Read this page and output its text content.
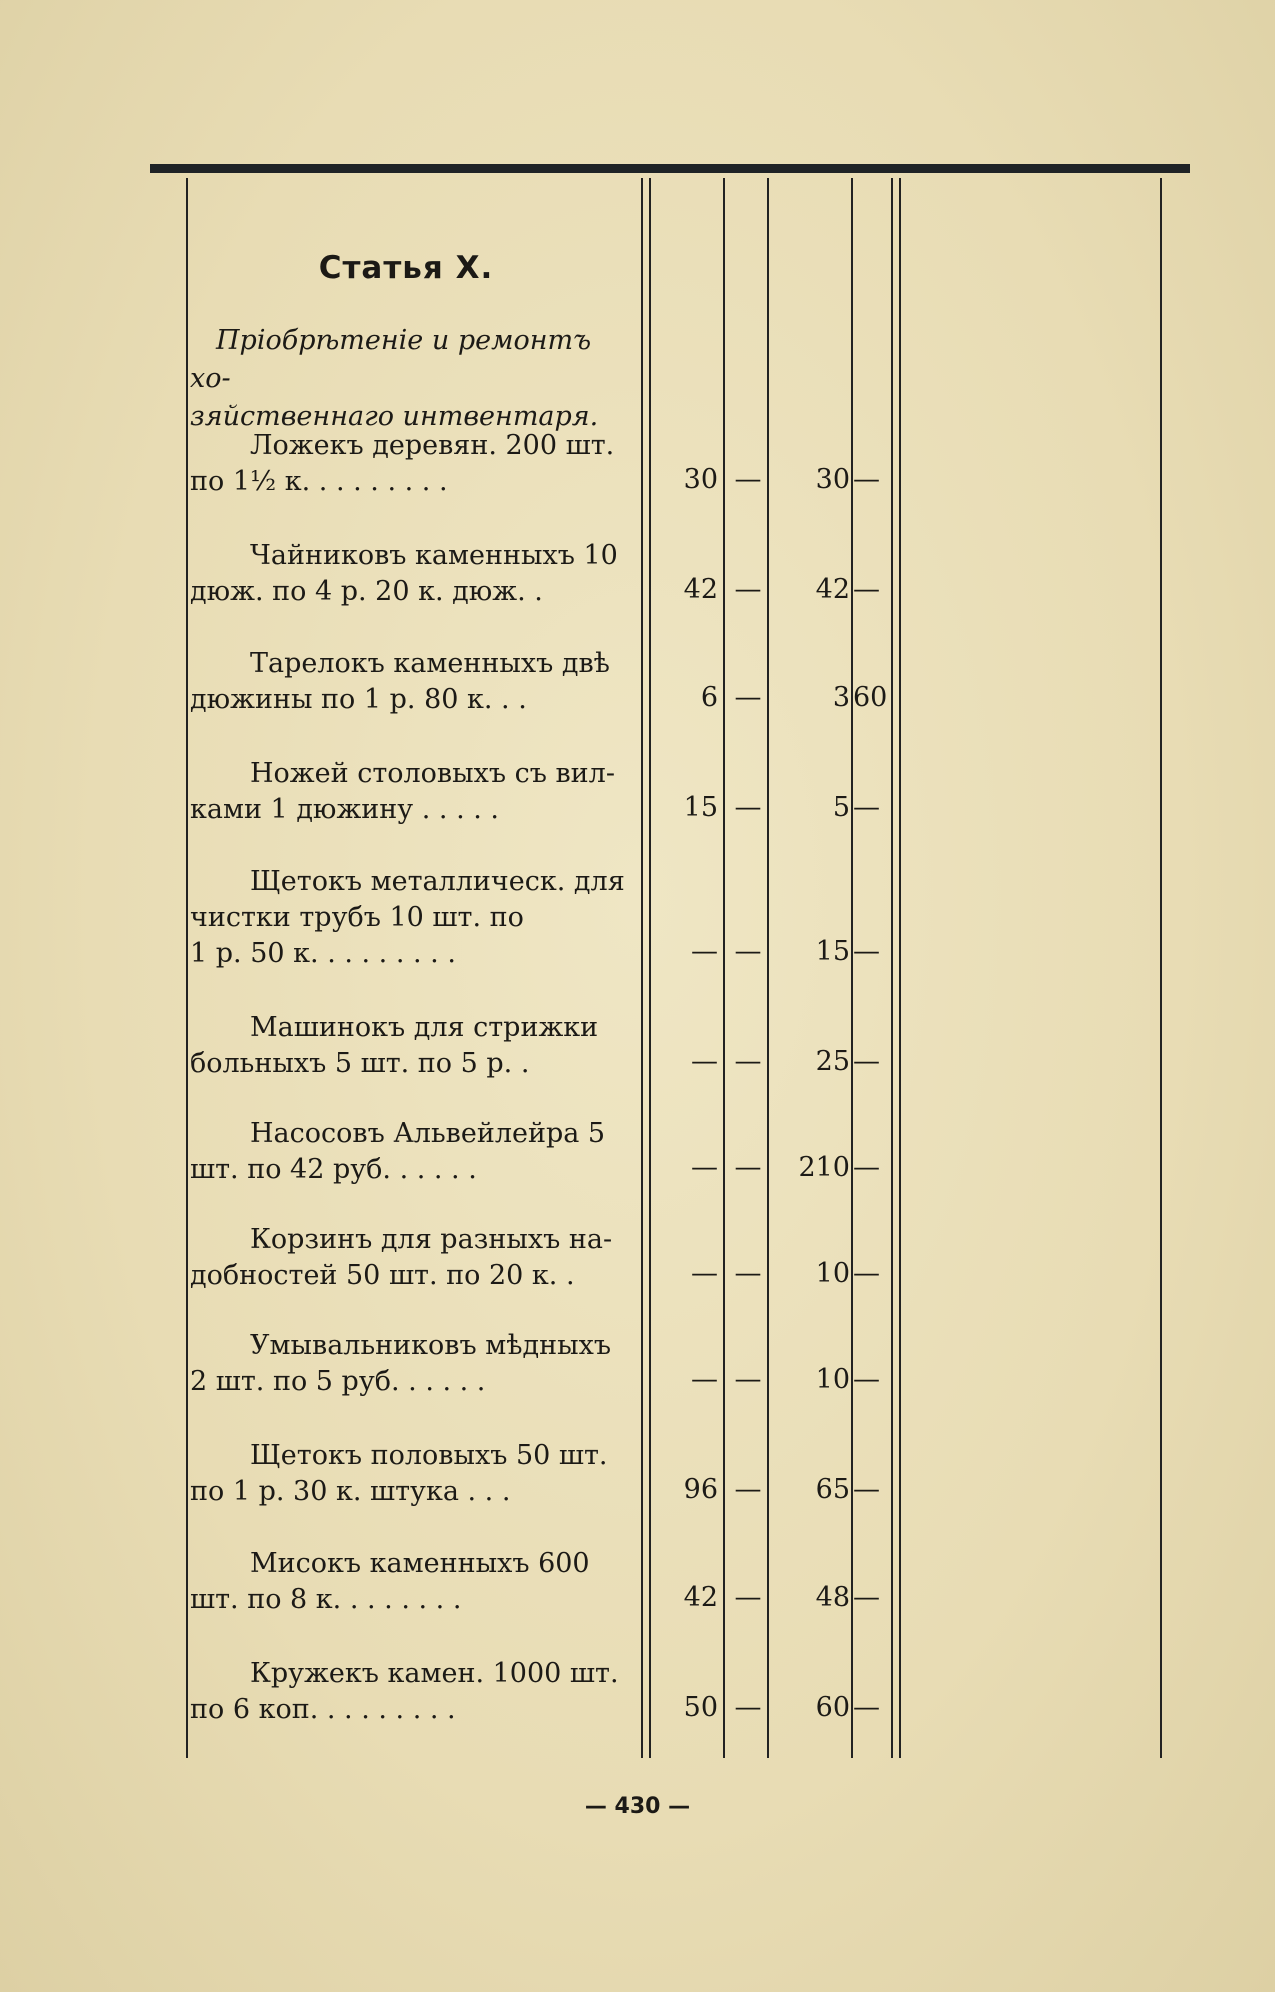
Статья X.
Пріобрѣтеніе и ремонтъ хо-
зяйственнаго интвентаря.
Ложекъ деревян. 200 шт.
по 1½ к. . . . . . . . .	30 —	30 —
Чайниковъ каменныхъ 10
дюж. по 4 р. 20 к. дюж. .	42 —	42 —
Тарелокъ каменныхъ двѣ
дюжины по 1 р. 80 к. . .	6 —	3 60
Ножей столовыхъ съ вил-
ками 1 дюжину . . . . .	15 —	5 —
Щетокъ металлическ. для
чистки трубъ 10 шт. по
1 р. 50 к. . . . . . . . .	— —	15 —
Машинокъ для стрижки
больныхъ 5 шт. по 5 р. .	— —	25 —
Насосовъ Альвейлейра 5
шт. по 42 руб. . . . . .	— —	210 —
Корзинъ для разныхъ на-
добностей 50 шт. по 20 к. .	— —	10 —
Умывальниковъ мѣдныхъ
2 шт. по 5 руб. . . . . .	— —	10 —
Щетокъ половыхъ 50 шт.
по 1 р. 30 к. штука . . .	96 —	65 —
Мисокъ каменныхъ 600
шт. по 8 к. . . . . . . .	42 —	48 —
Кружекъ камен. 1000 шт.
по 6 коп. . . . . . . . .	50 —	60 —
— 430 —
